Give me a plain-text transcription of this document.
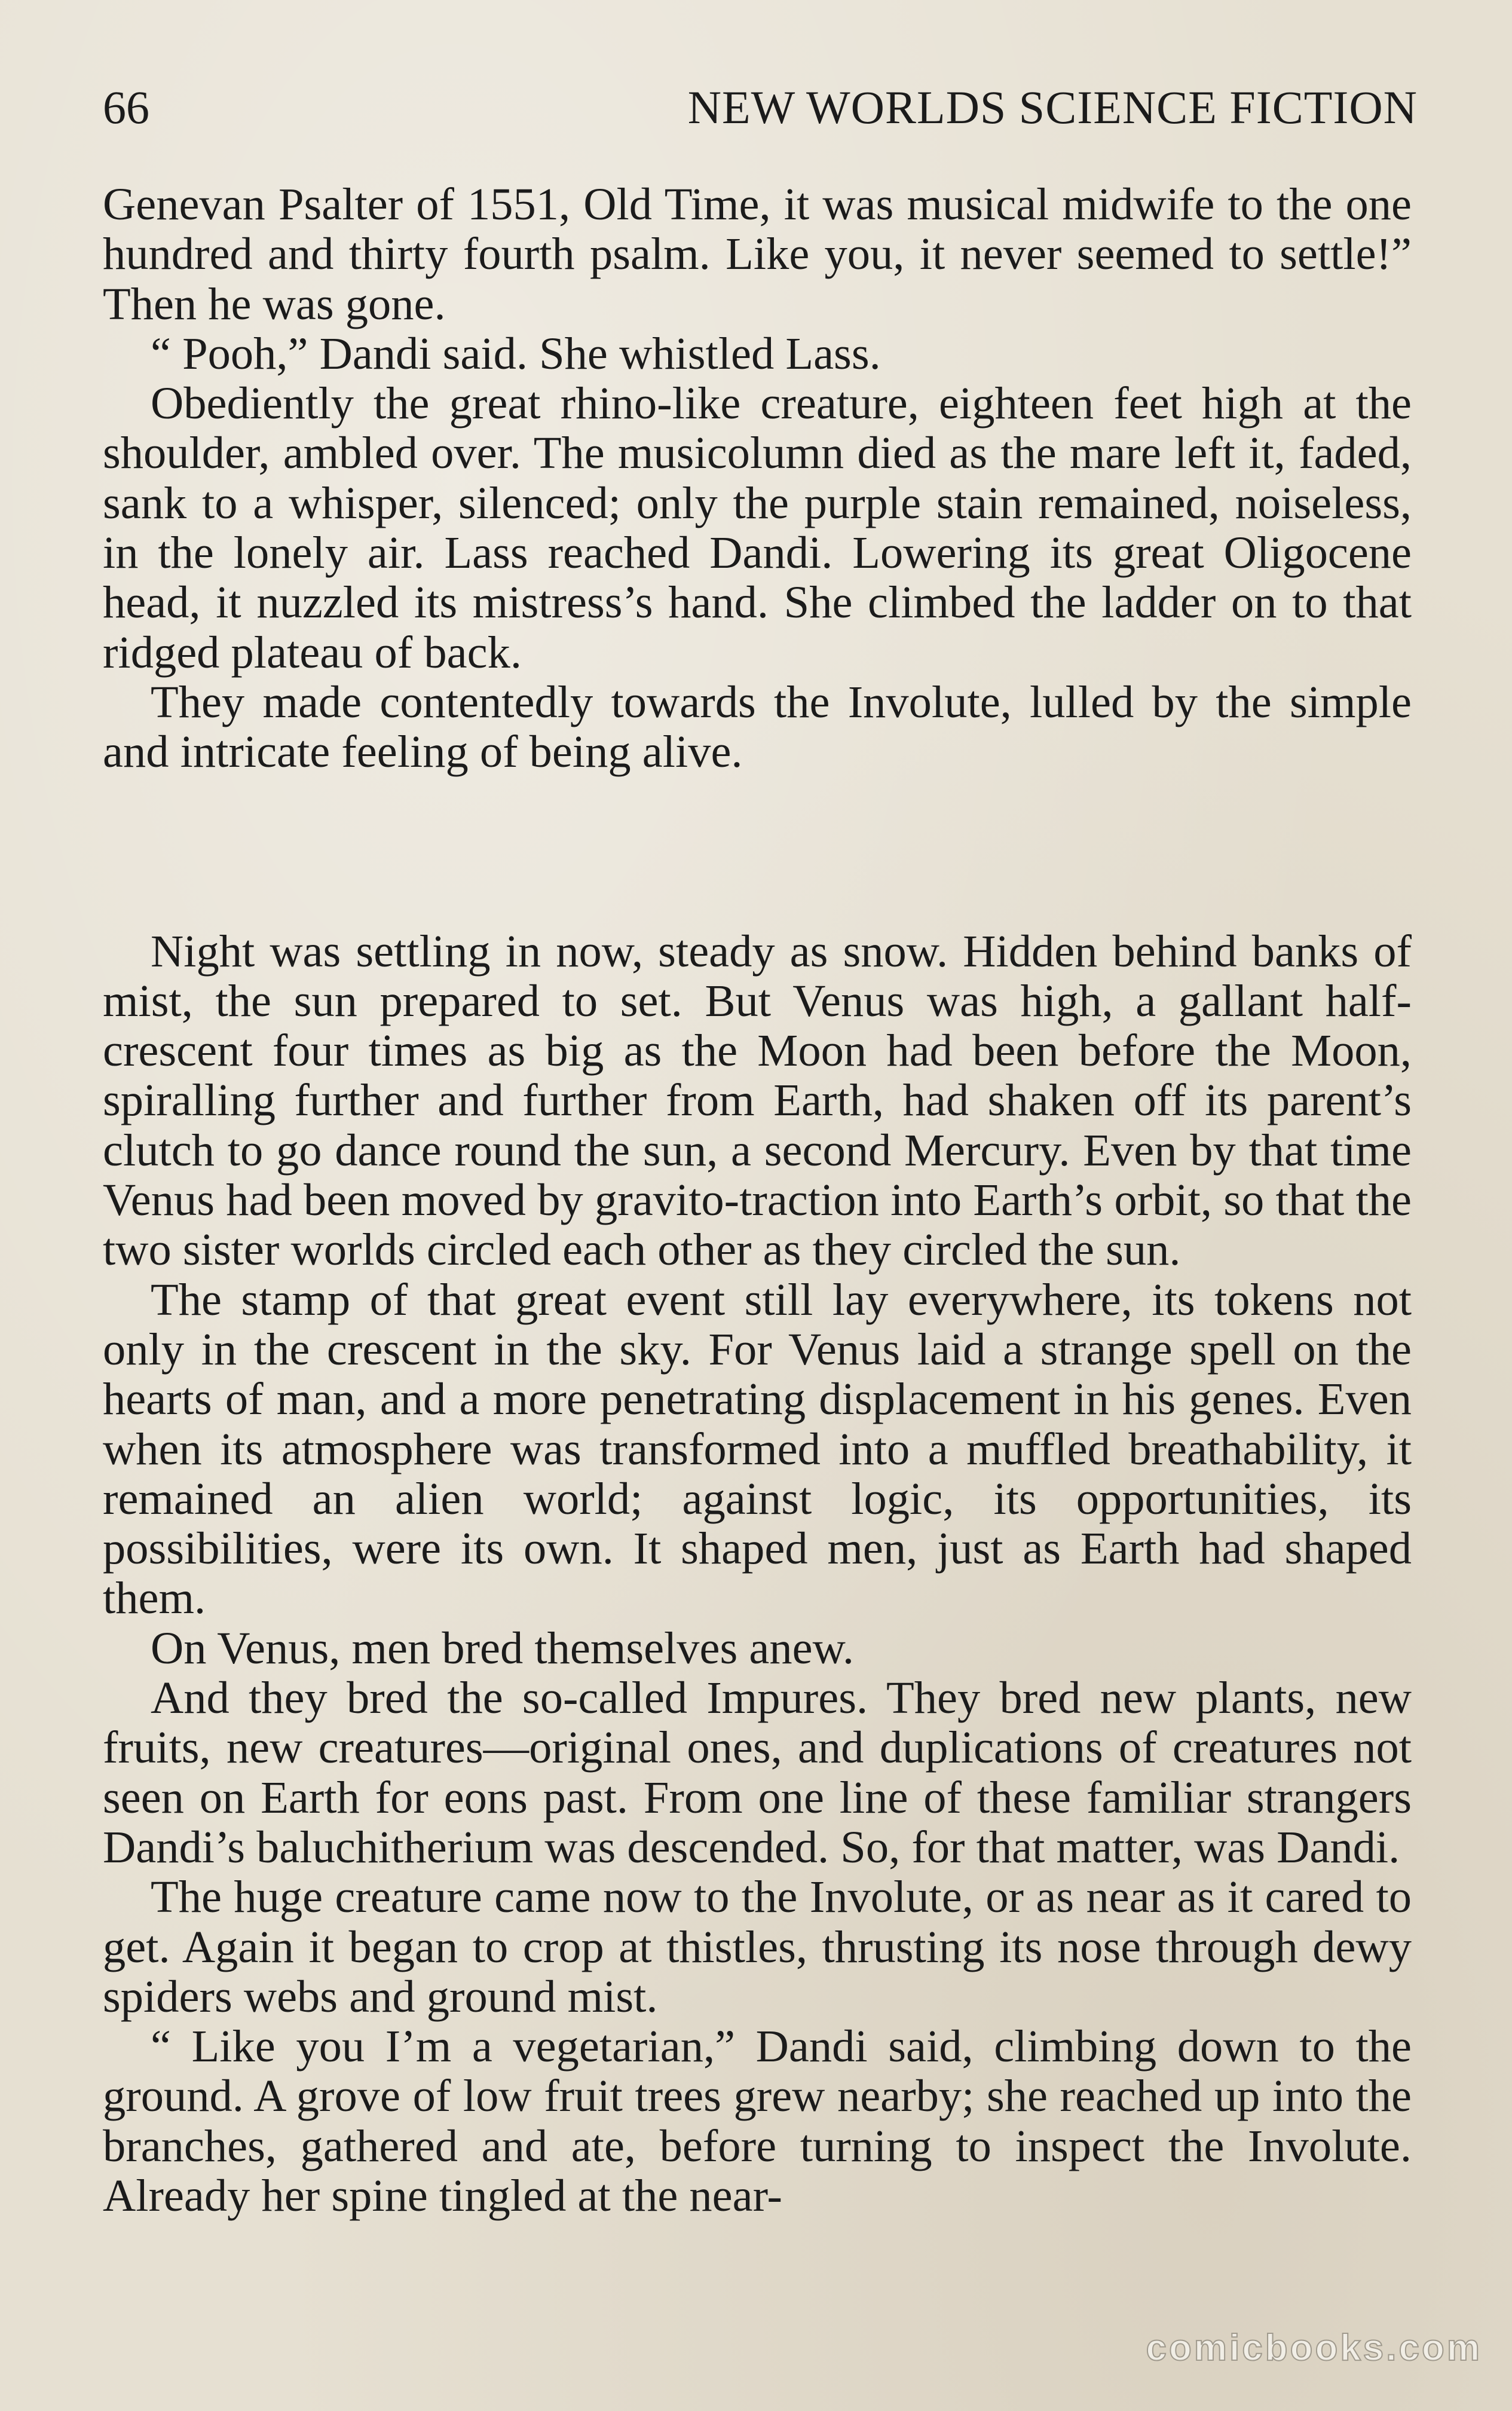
66	NEW WORLDS SCIENCE FICTION

Genevan Psalter of 1551, Old Time, it was musical midwife to the one hundred and thirty fourth psalm. Like you, it never seemed to settle!” Then he was gone.

“ Pooh,” Dandi said. She whistled Lass.

Obediently the great rhino-like creature, eighteen feet high at the shoulder, ambled over. The musicolumn died as the mare left it, faded, sank to a whisper, silenced; only the purple stain remained, noiseless, in the lonely air. Lass reached Dandi. Lowering its great Oligocene head, it nuzzled its mistress’s hand. She climbed the ladder on to that ridged plateau of back.

They made contentedly towards the Involute, lulled by the simple and intricate feeling of being alive.

Night was settling in now, steady as snow. Hidden behind banks of mist, the sun prepared to set. But Venus was high, a gallant half-crescent four times as big as the Moon had been before the Moon, spiralling further and further from Earth, had shaken off its parent’s clutch to go dance round the sun, a second Mercury. Even by that time Venus had been moved by gravito-traction into Earth’s orbit, so that the two sister worlds circled each other as they circled the sun.

The stamp of that great event still lay everywhere, its tokens not only in the crescent in the sky. For Venus laid a strange spell on the hearts of man, and a more penetrating displacement in his genes. Even when its atmosphere was transformed into a muffled breathability, it remained an alien world; against logic, its opportunities, its possibilities, were its own. It shaped men, just as Earth had shaped them.

On Venus, men bred themselves anew.

And they bred the so-called Impures. They bred new plants, new fruits, new creatures—original ones, and duplications of creatures not seen on Earth for eons past. From one line of these familiar strangers Dandi’s baluchitherium was descended. So, for that matter, was Dandi.

The huge creature came now to the Involute, or as near as it cared to get. Again it began to crop at thistles, thrusting its nose through dewy spiders webs and ground mist.

“ Like you I’m a vegetarian,” Dandi said, climbing down to the ground. A grove of low fruit trees grew nearby; she reached up into the branches, gathered and ate, before turning to inspect the Involute. Already her spine tingled at the near-

comicbooks.com
